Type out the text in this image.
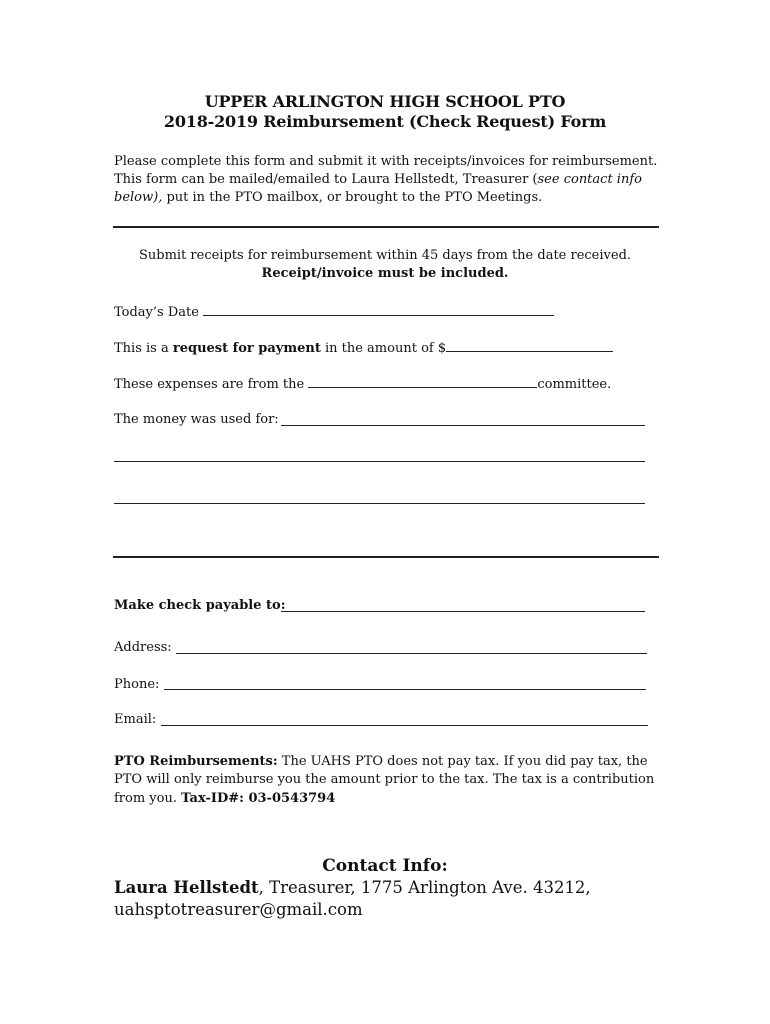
UPPER ARLINGTON HIGH SCHOOL PTO
2018-2019 Reimbursement (Check Request) Form
Please complete this form and submit it with receipts/invoices for reimbursement.
This form can be mailed/emailed to Laura Hellstedt, Treasurer (see contact info
below), put in the PTO mailbox, or brought to the PTO Meetings.
Submit receipts for reimbursement within 45 days from the date received.
Receipt/invoice must be included.
Today’s Date
This is a request for payment in the amount of $
These expenses are from the	committee.
The money was used for:
Make check payable to:
Address:
Phone:
Email:
PTO Reimbursements: The UAHS PTO does not pay tax. If you did pay tax, the
PTO will only reimburse you the amount prior to the tax. The tax is a contribution
from you. Tax-ID#: 03-0543794
Contact Info:
Laura Hellstedt, Treasurer, 1775 Arlington Ave. 43212,
uahsptotreasurer@gmail.com
